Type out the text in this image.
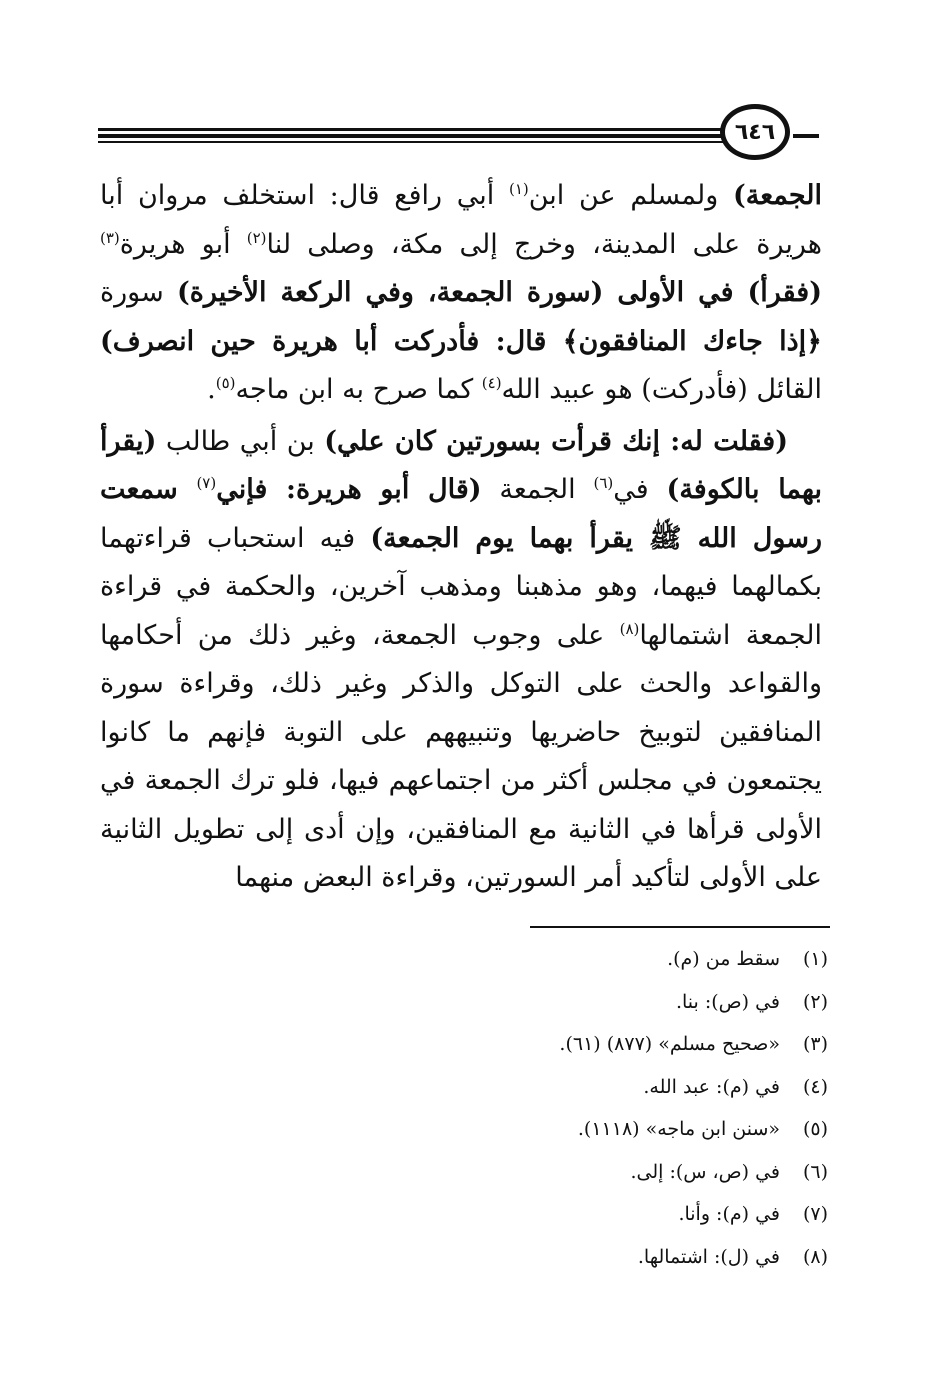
٦٤٦

الجمعة) ولمسلم عن ابن$^{(١)}$ أبي رافع قال: استخلف مروان أبا هريرة على المدينة، وخرج إلى مكة، وصلى لنا$^{(٢)}$ أبو هريرة$^{(٣)}$ (فقرأ) في الأولى (سورة الجمعة، وفي الركعة الأخيرة) سورة ﴿إذا جاءك المنافقون﴾ قال: فأدركت أبا هريرة حين انصرف) القائل (فأدركت) هو عبيد الله$^{(٤)}$ كما صرح به ابن ماجه$^{(٥)}$.

(فقلت له: إنك قرأت بسورتين كان علي) بن أبي طالب (يقرأ بهما بالكوفة) في$^{(٦)}$ الجمعة (قال أبو هريرة: فإني$^{(٧)}$ سمعت رسول الله ﷺ يقرأ بهما يوم الجمعة) فيه استحباب قراءتهما بكمالهما فيهما، وهو مذهبنا ومذهب آخرين، والحكمة في قراءة الجمعة اشتمالها$^{(٨)}$ على وجوب الجمعة، وغير ذلك من أحكامها والقواعد والحث على التوكل والذكر وغير ذلك، وقراءة سورة المنافقين لتوبيخ حاضريها وتنبيههم على التوبة فإنهم ما كانوا يجتمعون في مجلس أكثر من اجتماعهم فيها، فلو ترك الجمعة في الأولى قرأها في الثانية مع المنافقين، وإن أدى إلى تطويل الثانية على الأولى لتأكيد أمر السورتين، وقراءة البعض منهما

(١)
سقط من (م).
(٢)
في (ص): بنا.
(٣)
«صحيح مسلم» (٨٧٧) (٦١).
(٤)
في (م): عبد الله.
(٥)
«سنن ابن ماجه» (١١١٨).
(٦)
في (ص، س): إلى.
(٧)
في (م): وأنا.
(٨)
في (ل): اشتمالها.
